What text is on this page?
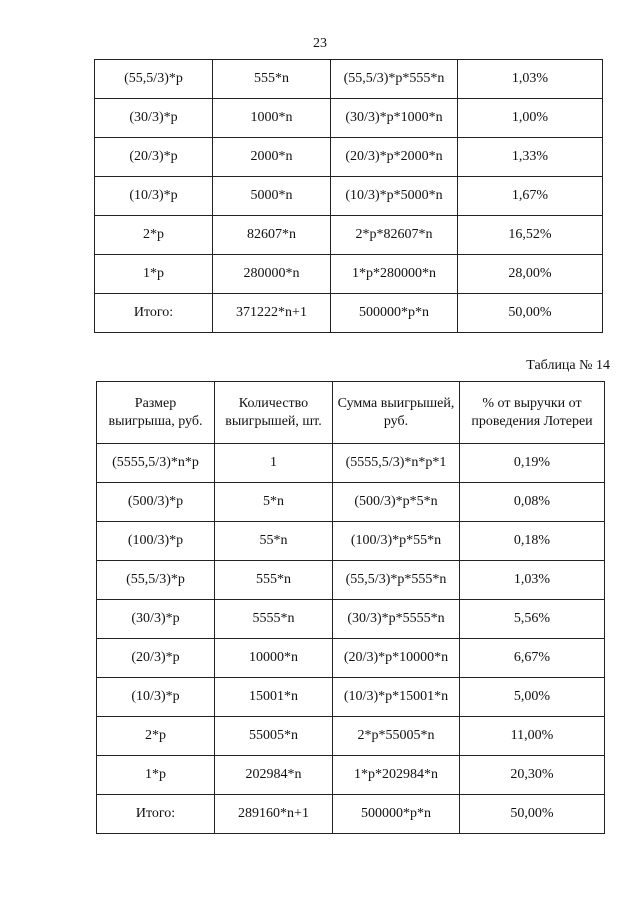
23
(55,5/3)*р	555*n	(55,5/3)*р*555*n	1,03%
(30/3)*р	1000*n	(30/3)*р*1000*n	1,00%
(20/3)*р	2000*n	(20/3)*р*2000*n	1,33%
(10/3)*р	5000*n	(10/3)*р*5000*n	1,67%
2*р	82607*n	2*р*82607*n	16,52%
1*р	280000*n	1*р*280000*n	28,00%
Итого:	371222*n+1	500000*р*n	50,00%
Таблица № 14
Размер выигрыша, руб.	Количество выигрышей, шт.	Сумма выигрышей, руб.	% от выручки от проведения Лотереи
(5555,5/3)*n*р	1	(5555,5/3)*n*р*1	0,19%
(500/3)*р	5*n	(500/3)*р*5*n	0,08%
(100/3)*р	55*n	(100/3)*р*55*n	0,18%
(55,5/3)*р	555*n	(55,5/3)*р*555*n	1,03%
(30/3)*р	5555*n	(30/3)*р*5555*n	5,56%
(20/3)*р	10000*n	(20/3)*р*10000*n	6,67%
(10/3)*р	15001*n	(10/3)*р*15001*n	5,00%
2*р	55005*n	2*р*55005*n	11,00%
1*р	202984*n	1*р*202984*n	20,30%
Итого:	289160*n+1	500000*р*n	50,00%
